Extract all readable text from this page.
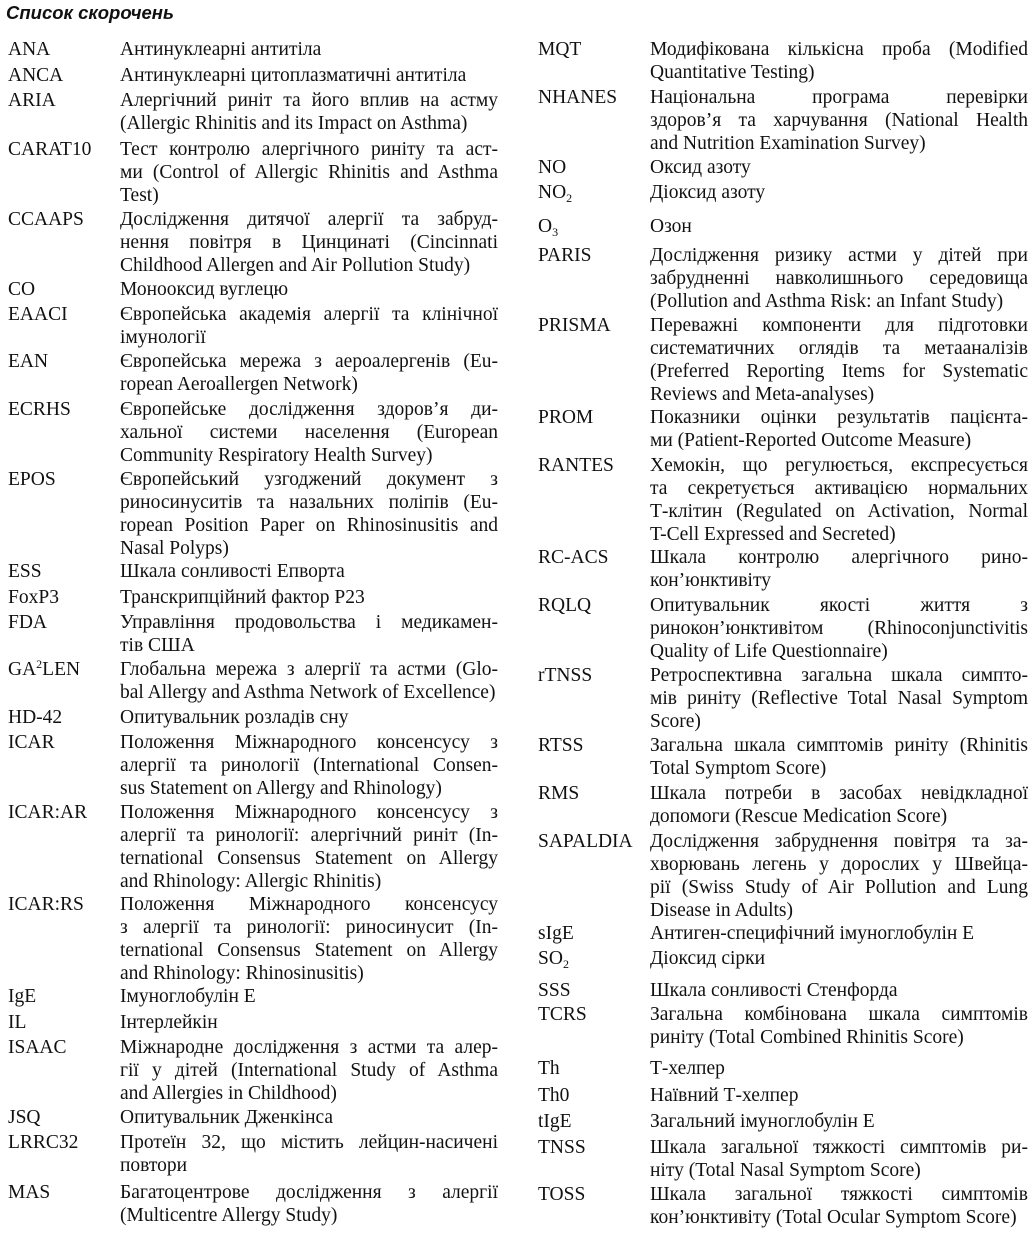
Список скорочень
ANA	Антинуклеарні антитіла
ANCA	Антинуклеарні цитоплазматичні антитіла
ARIA	Алергічний риніт та його вплив на астму
(Allergic Rhinitis and its Impact on Asthma)
CARAT10	Тест контролю алергічного риніту та аст-
ми (Control of Allergic Rhinitis and Asthma
Test)
CCAAPS	Дослідження дитячої алергії та забруд-
нення повітря в Цинцинаті (Cincinnati
Childhood Allergen and Air Pollution Study)
CO	Монооксид вуглецю
EAACI	Європейська академія алергії та клінічної
імунології
EAN	Європейська мережа з аероалергенів (Eu-
ropean Aeroallergen Network)
ECRHS	Європейське дослідження здоров’я ди-
хальної системи населення (European
Community Respiratory Health Survey)
EPOS	Європейський узгоджений документ з
риносинуситів та назальних поліпів (Eu-
ropean Position Paper on Rhinosinusitis and
Nasal Polyps)
ESS	Шкала сонливості Епворта
FoxP3	Транскрипційний фактор P23
FDA	Управління продовольства і медикамен-
тів США
$GA^2LEN$	Глобальна мережа з алергії та астми (Glo-
bal Allergy and Asthma Network of Excellence)
HD-42	Опитувальник розладів сну
ICAR	Положення Міжнародного консенсусу з
алергії та ринології (International Consen-
sus Statement on Allergy and Rhinology)
ICAR:AR	Положення Міжнародного консенсусу з
алергії та ринології: алергічний риніт (In-
ternational Consensus Statement on Allergy
and Rhinology: Allergic Rhinitis)
ICAR:RS	Положення Міжнародного консенсусу
з алергії та ринології: риносинусит (In-
ternational Consensus Statement on Allergy
and Rhinology: Rhinosinusitis)
IgE	Імуноглобулін Е
IL	Інтерлейкін
ISAAC	Міжнародне дослідження з астми та алер-
гії у дітей (International Study of Asthma
and Allergies in Childhood)
JSQ	Опитувальник Дженкінса
LRRC32	Протеїн 32, що містить лейцин-насичені
повтори
MAS	Багатоцентрове дослідження з алергії
(Multicentre Allergy Study)
MQT	Модифікована кількісна проба (Modified
Quantitative Testing)
NHANES	Національна програма перевірки
здоров’я та харчування (National Health
and Nutrition Examination Survey)
NO	Оксид азоту
$NO_2$	Діоксид азоту
$O_3$	Озон
PARIS	Дослідження ризику астми у дітей при
забрудненні навколишнього середовища
(Pollution and Asthma Risk: an Infant Study)
PRISMA	Переважні компоненти для підготовки
систематичних оглядів та метааналізів
(Preferred Reporting Items for Systematic
Reviews and Meta-analyses)
PROM	Показники оцінки результатів пацієнта-
ми (Patient-Reported Outcome Measure)
RANTES	Хемокін, що регулюється, експресується
та секретується активацією нормальних
Т-клітин (Regulated on Activation, Normal
T-Cell Expressed and Secreted)
RC-ACS	Шкала контролю алергічного рино-
кон’юнктивіту
RQLQ	Опитувальник якості життя з
ринокон’юнктивітом (Rhinoconjunctivitis
Quality of Life Questionnaire)
rTNSS	Ретроспективна загальна шкала симпто-
мів риніту (Reflective Total Nasal Symptom
Score)
RTSS	Загальна шкала симптомів риніту (Rhinitis
Total Symptom Score)
RMS	Шкала потреби в засобах невідкладної
допомоги (Rescue Medication Score)
SAPALDIA Дослідження забруднення повітря та за-
хворювань легень у дорослих у Швейца-
рії (Swiss Study of Air Pollution and Lung
Disease in Adults)
sIgE	Антиген-специфічний імуноглобулін Е
$SO_2$	Діоксид сірки
SSS	Шкала сонливості Стенфорда
TCRS	Загальна комбінована шкала симптомів
риніту (Total Combined Rhinitis Score)
Th	Т-хелпер
Th0	Наївний Т-хелпер
tIgE	Загальний імуноглобулін Е
TNSS	Шкала загальної тяжкості симптомів ри-
ніту (Total Nasal Symptom Score)
TOSS	Шкала загальної тяжкості симптомів
кон’юнктивіту (Total Ocular Symptom Score)
